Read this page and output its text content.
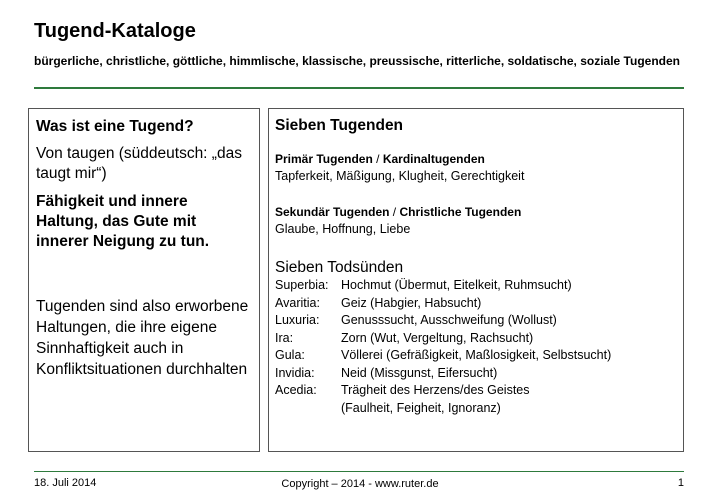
Tugend-Kataloge
bürgerliche, christliche, göttliche, himmlische, klassische, preussische, ritterliche, soldatische, soziale Tugenden
Was ist eine Tugend?
Von taugen (süddeutsch: „das taugt mir“)
Fähigkeit und innere Haltung, das Gute mit innerer Neigung zu tun.
Tugenden sind also erworbene Haltungen, die ihre eigene Sinnhaftigkeit auch in Konfliktsituationen durchhalten
Sieben Tugenden
Primär Tugenden / Kardinaltugenden
Tapferkeit, Mäßigung, Klugheit, Gerechtigkeit
Sekundär Tugenden / Christliche Tugenden
Glaube, Hoffnung, Liebe
Sieben Todsünden
Superbia: Hochmut (Übermut, Eitelkeit, Ruhmsucht)
Avaritia:	Geiz (Habgier, Habsucht)
Luxuria:	Genusssucht, Ausschweifung (Wollust)
Ira:	Zorn (Wut, Vergeltung, Rachsucht)
Gula:	Völlerei (Gefräßigkeit, Maßlosigkeit, Selbstsucht)
Invidia:	Neid (Missgunst, Eifersucht)
Acedia:	Trägheit des Herzens/des Geistes
(Faulheit, Feigheit, Ignoranz)
18. Juli 2014	Copyright – 2014 - www.ruter.de	1
